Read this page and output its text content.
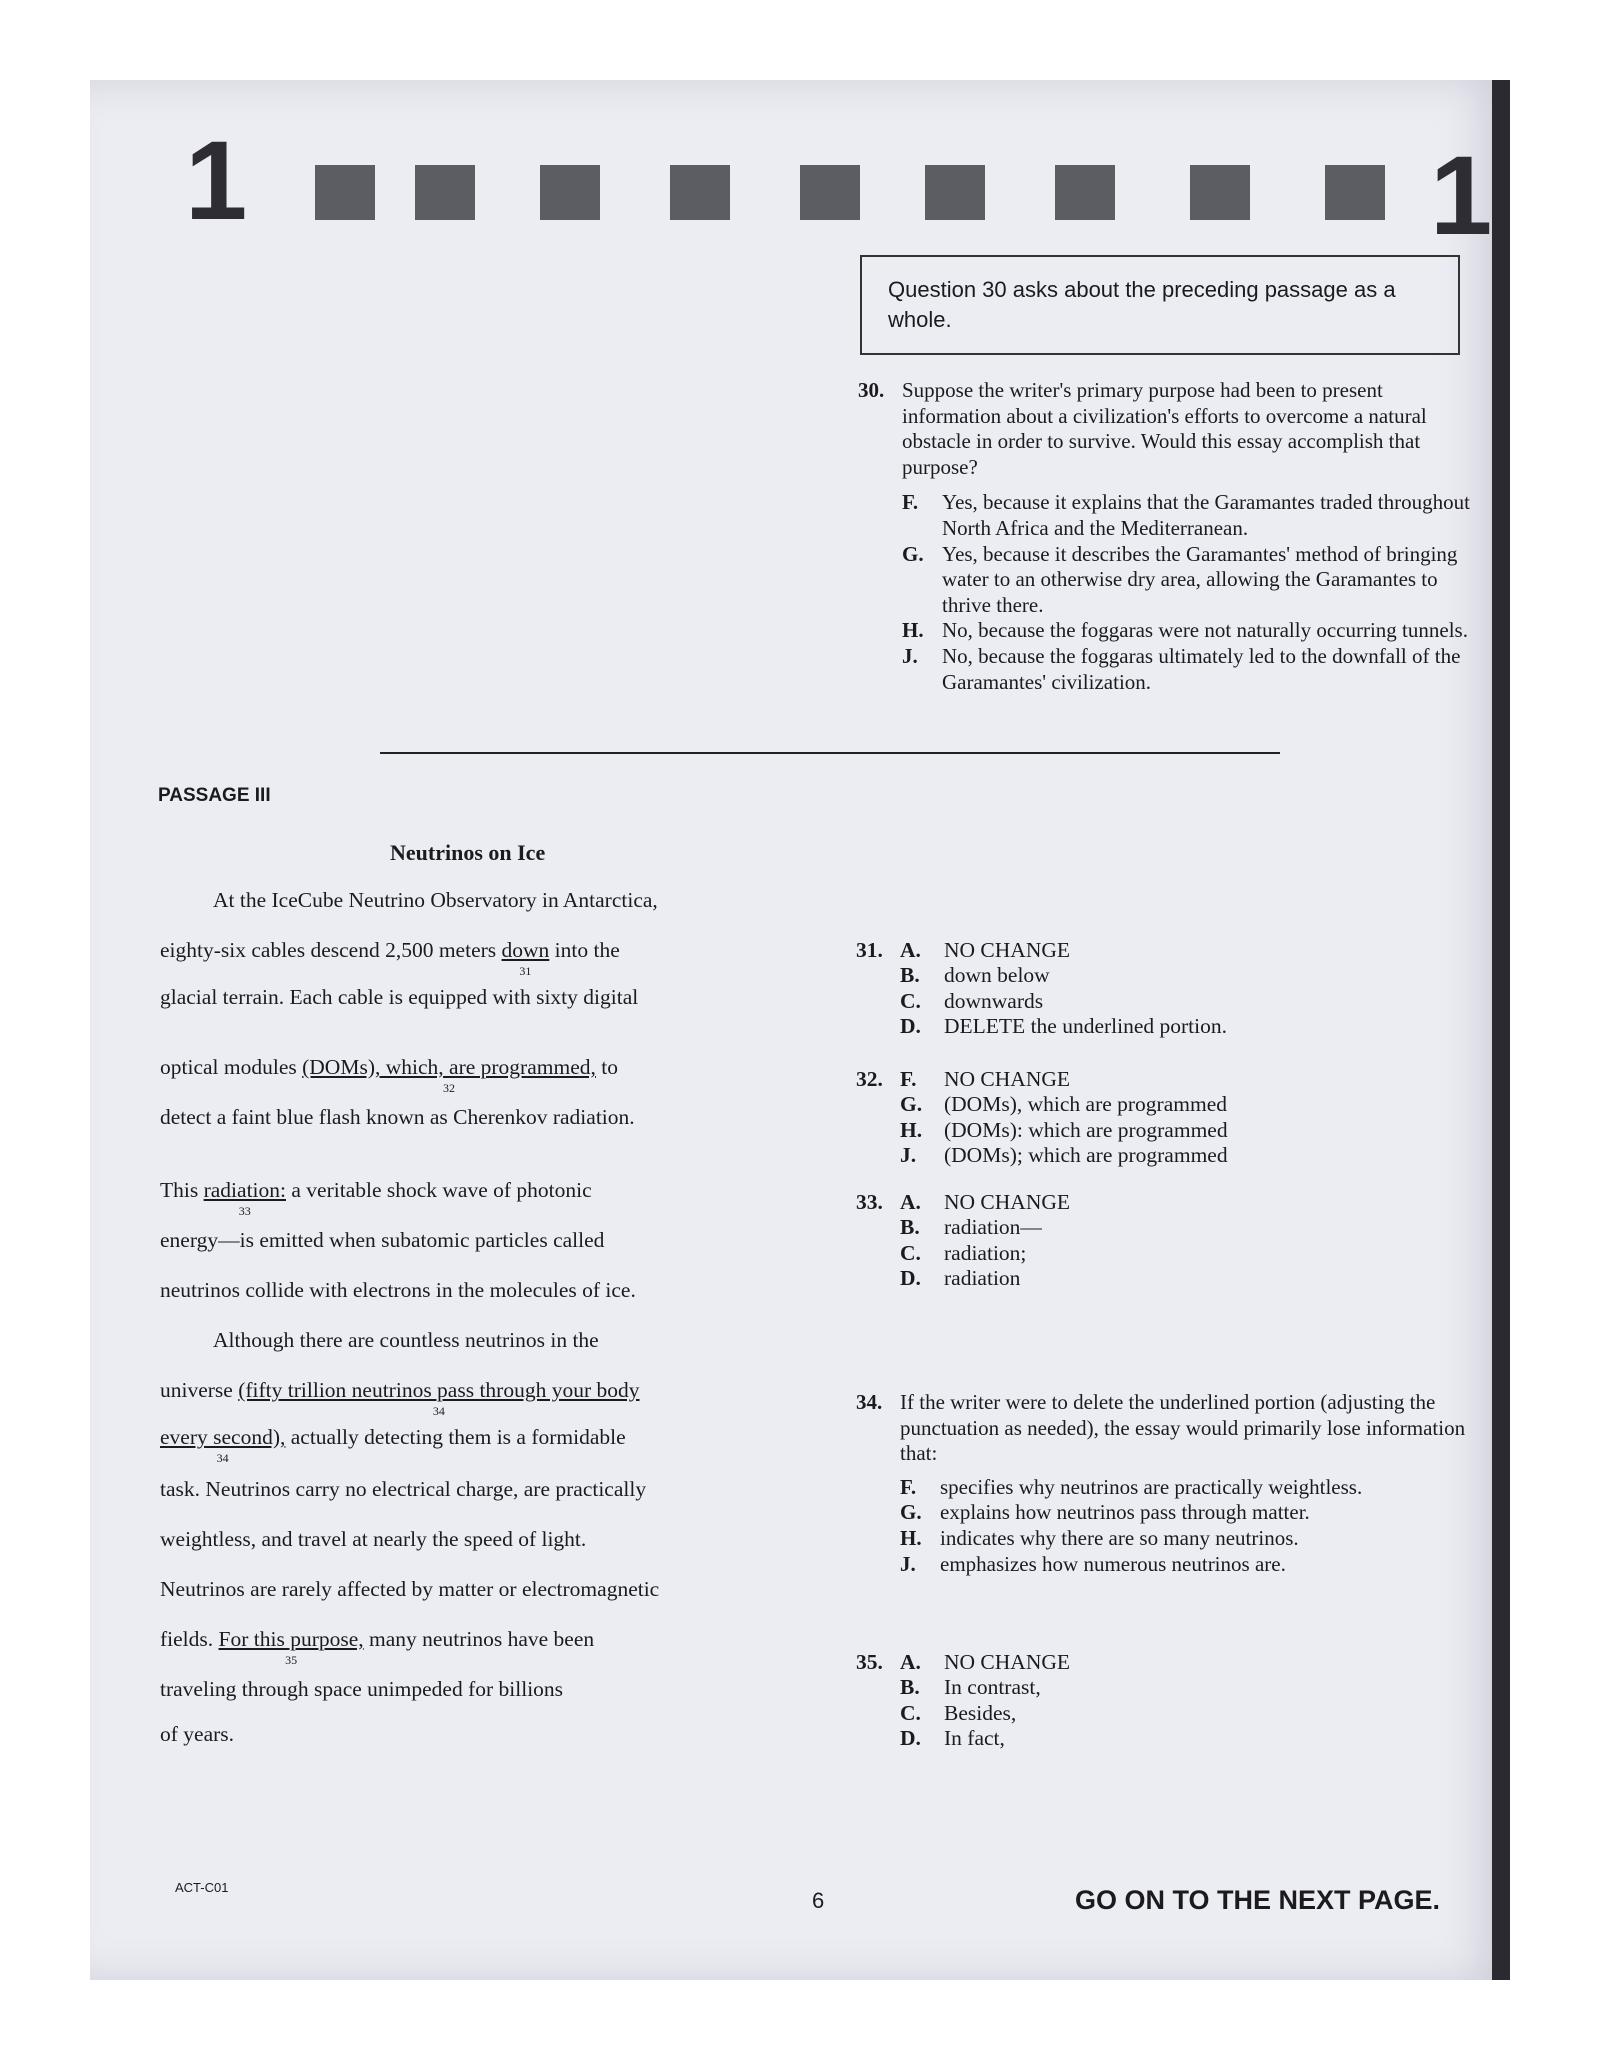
1	1
Question 30 asks about the preceding passage as a whole.
30. Suppose the writer's primary purpose had been to present information about a civilization's efforts to overcome a natural obstacle in order to survive. Would this essay accomplish that purpose?
F. Yes, because it explains that the Garamantes traded throughout North Africa and the Mediterranean.
G. Yes, because it describes the Garamantes' method of bringing water to an otherwise dry area, allowing the Garamantes to thrive there.
H. No, because the foggaras were not naturally occurring tunnels.
J. No, because the foggaras ultimately led to the downfall of the Garamantes' civilization.
PASSAGE III
Neutrinos on Ice
At the IceCube Neutrino Observatory in Antarctica,
eighty-six cables descend 2,500 meters down
31
into the
glacial terrain. Each cable is equipped with sixty digital
optical modules (DOMs), which, are programmed,
32
to
detect a faint blue flash known as Cherenkov radiation.
This radiation:
33
a veritable shock wave of photonic
energy—is emitted when subatomic particles called
neutrinos collide with electrons in the molecules of ice.
Although there are countless neutrinos in the
universe (fifty trillion neutrinos pass through your body
34
every second),
34
actually detecting them is a formidable
task. Neutrinos carry no electrical charge, are practically
weightless, and travel at nearly the speed of light.
Neutrinos are rarely affected by matter or electromagnetic
fields. For this purpose,
35
many neutrinos have been
traveling through space unimpeded for billions
of years.
31. A. NO CHANGE
B. down below
C. downwards
D. DELETE the underlined portion.
32. F. NO CHANGE
G. (DOMs), which are programmed
H. (DOMs): which are programmed
J. (DOMs); which are programmed
33. A. NO CHANGE
B. radiation—
C. radiation;
D. radiation
34. If the writer were to delete the underlined portion (adjusting the punctuation as needed), the essay would primarily lose information that:
F. specifies why neutrinos are practically weightless.
G. explains how neutrinos pass through matter.
H. indicates why there are so many neutrinos.
J. emphasizes how numerous neutrinos are.
35. A. NO CHANGE
B. In contrast,
C. Besides,
D. In fact,
ACT-C01
6	GO ON TO THE NEXT PAGE.
